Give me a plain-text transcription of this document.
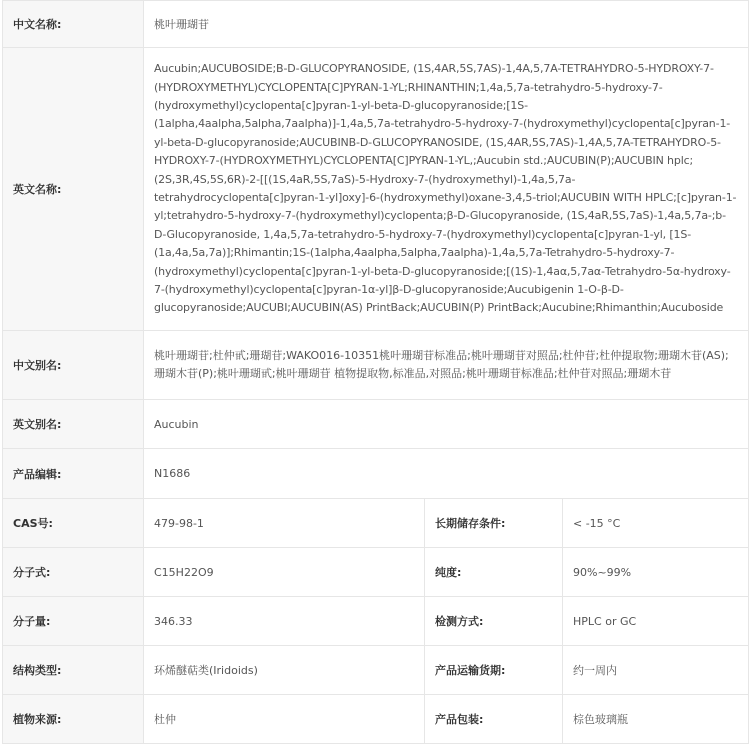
中文名称:	桃叶珊瑚苷		
英文名称:	Aucubin;AUCUBOSIDE;B-D-GLUCOPYRANOSIDE, (1S,4AR,5S,7AS)-1,4A,5,7A-TETRAHYDRO-5-HYDROXY-7-(HYDROXYMETHYL)CYCLOPENTA[C]PYRAN-1-YL;RHINANTHIN;1,4a,5,7a-tetrahydro-5-hydroxy-7-(hydroxymethyl)cyclopenta[c]pyran-1-yl-beta-D-glucopyranoside;[1S-(1alpha,4aalpha,5alpha,7aalpha)]-1,4a,5,7a-tetrahydro-5-hydroxy-7-(hydroxymethyl)cyclopenta[c]pyran-1-yl-beta-D-glucopyranoside;AUCUBINB-D-GLUCOPYRANOSIDE, (1S,4AR,5S,7AS)-1,4A,5,7A-TETRAHYDRO-5-HYDROXY-7-(HYDROXYMETHYL)CYCLOPENTA[C]PYRAN-1-YL,;Aucubin std.;AUCUBIN(P);AUCUBIN hplc;(2S,3R,4S,5S,6R)-2-[[(1S,4aR,5S,7aS)-5-Hydroxy-7-(hydroxymethyl)-1,4a,5,7a-tetrahydrocyclopenta[c]pyran-1-yl]oxy]-6-(hydroxymethyl)oxane-3,4,5-triol;AUCUBIN WITH HPLC;[c]pyran-1-yl;tetrahydro-5-hydroxy-7-(hydroxymethyl)cyclopenta;β-D-Glucopyranoside, (1S,4aR,5S,7aS)-1,4a,5,7a-;b-D-Glucopyranoside, 1,4a,5,7a-tetrahydro-5-hydroxy-7-(hydroxymethyl)cyclopenta[c]pyran-1-yl, [1S-(1a,4a,5a,7a)];Rhimantin;1S-(1alpha,4aalpha,5alpha,7aalpha)-1,4a,5,7a-Tetrahydro-5-hydroxy-7-(hydroxymethyl)cyclopenta[c]pyran-1-yl-beta-D-glucopyranoside;[(1S)-1,4aα,5,7aα-Tetrahydro-5α-hydroxy-7-(hydroxymethyl)cyclopenta[c]pyran-1α-yl]β-D-glucopyranoside;Aucubigenin 1-O-β-D-glucopyranoside;AUCUBI;AUCUBIN(AS) PrintBack;AUCUBIN(P) PrintBack;Aucubine;Rhimanthin;Aucuboside		
中文别名:	桃叶珊瑚苷;杜仲甙;珊瑚苷;WAKO016-10351桃叶珊瑚苷标准品;桃叶珊瑚苷对照品;杜仲苷;杜仲提取物;珊瑚木苷(AS);珊瑚木苷(P);桃叶珊瑚甙;桃叶珊瑚苷 植物提取物,标准品,对照品;桃叶珊瑚苷标准品;杜仲苷对照品;珊瑚木苷		
英文别名:	Aucubin		
产品编辑:	N1686		
CAS号:	479-98-1	长期储存条件:	< -15 °C
分子式:	C15H22O9	纯度:	90%~99%
分子量:	346.33	检测方式:	HPLC or GC
结构类型:	环烯醚萜类(Iridoids)	产品运输货期:	约一周内
植物来源:	杜仲	产品包装:	棕色玻璃瓶
